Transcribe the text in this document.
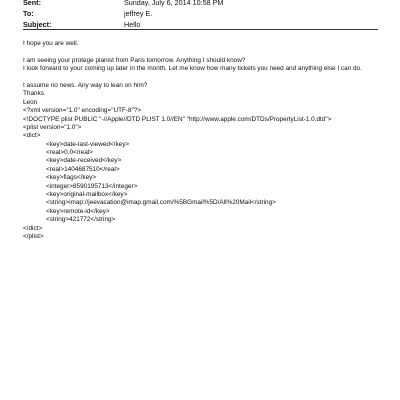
Sent:	Sunday, July 6, 2014 10:58 PM
To:	jeffrey E.
Subject:	Hello
I hope you are well.
I am seeing your protege pianist from Paris tomorrow. Anything I should know?
I look forward to your coming up later in the month. Let me know how many tickets you need and anything else I can do.
I assume no news. Any way to lean on him?
Thanks
Leon
<?xml version="1.0" encoding="UTF-8"?>
<!DOCTYPE plist PUBLIC "-//Apple//DTD PLIST 1.0//EN" "http://www.apple.com/DTDs/PropertyList-1.0.dtd">
<plist version="1.0">
<dict>
<key>date-last-viewed</key>
<real>0.0</real>
<key>date-received</key>
<real>1404687510</real>
<key>flags</key>
<integer>8590195713</integer>
<key>original-mailbox</key>
<string>imap://jeevacation@imap.gmail.com/%5BGmail%5D/All%20Mail</string>
<key>remote-id</key>
<string>421772</string>
</dict>
</plist>
